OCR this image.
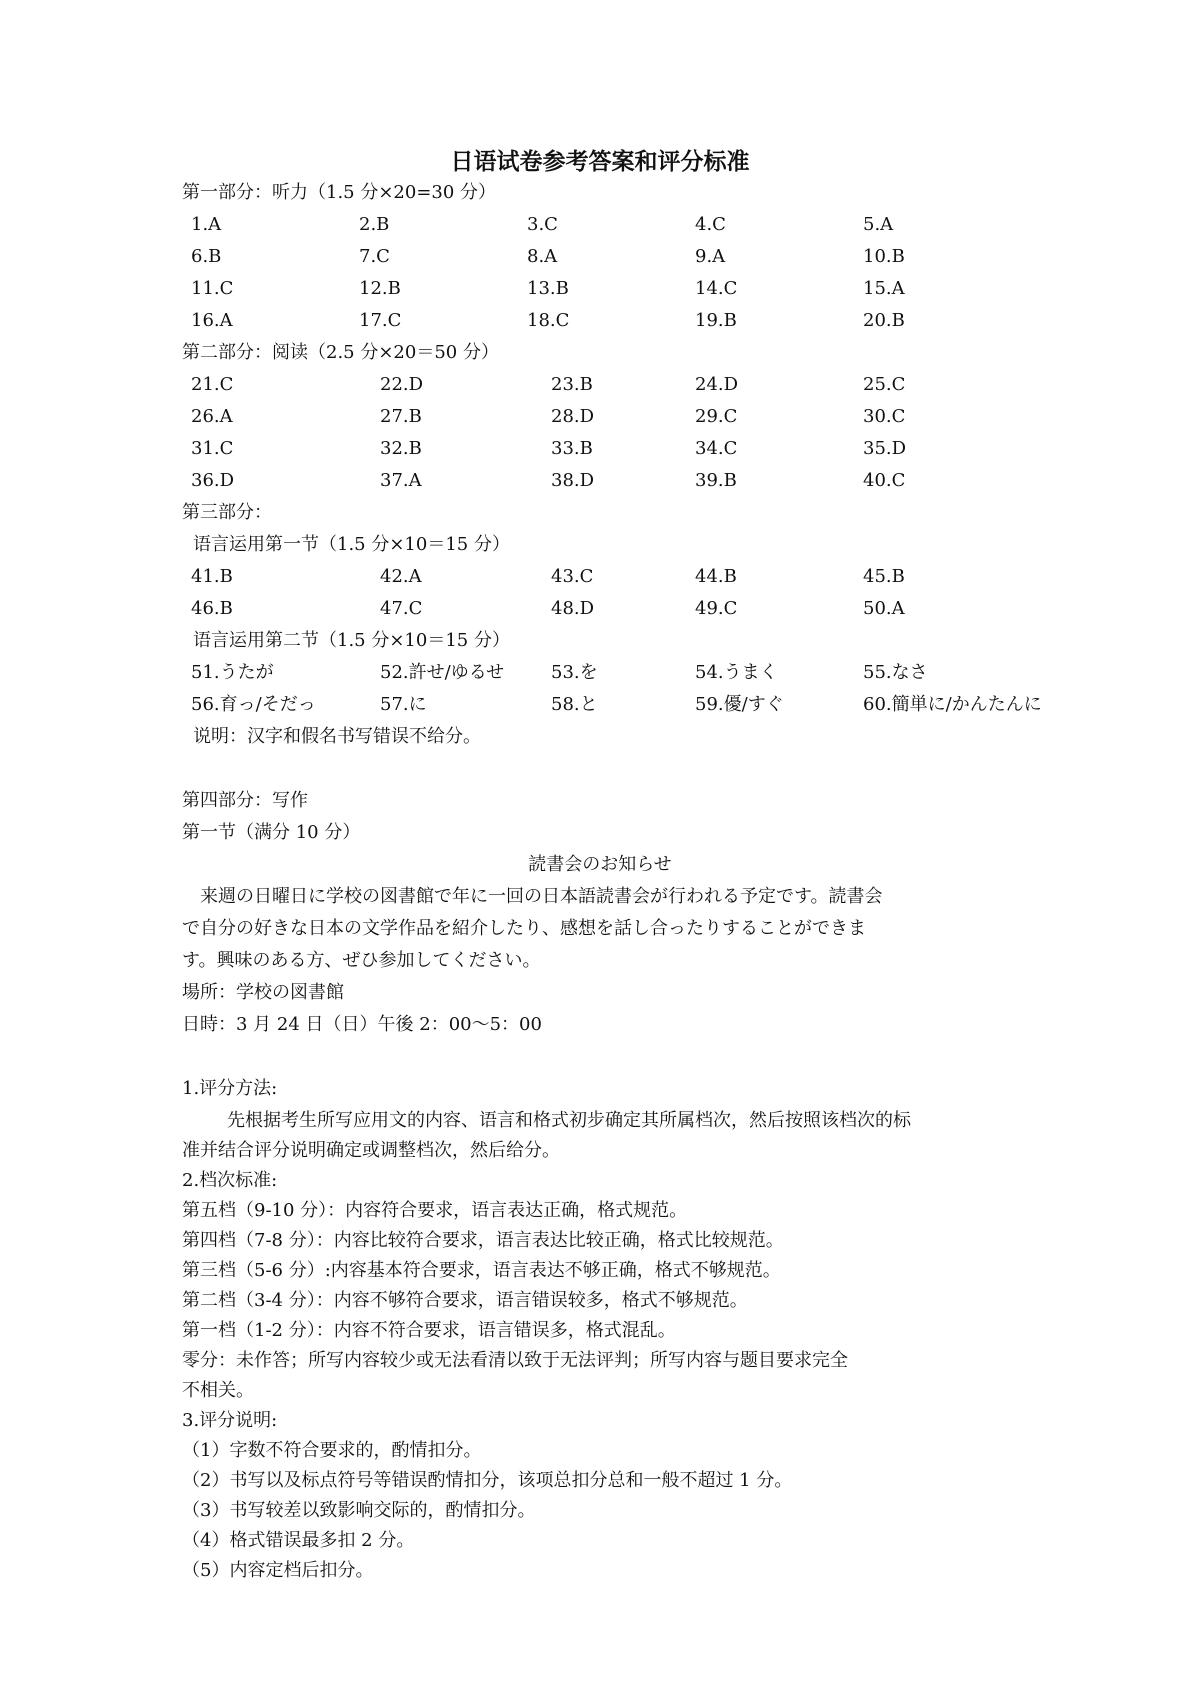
日语试卷参考答案和评分标准
第一部分：听力（1.5 分×20=30 分）
1.A	2.B	3.C	4.C	5.A
6.B	7.C	8.A	9.A	10.B
11.C	12.B	13.B	14.C	15.A
16.A	17.C	18.C	19.B	20.B
第二部分：阅读（2.5 分×20＝50 分）
21.C	22.D	23.B	24.D	25.C
26.A	27.B	28.D	29.C	30.C
31.C	32.B	33.B	34.C	35.D
36.D	37.A	38.D	39.B	40.C
第三部分：
语言运用第一节（1.5 分×10＝15 分）
41.B	42.A	43.C	44.B	45.B
46.B	47.C	48.D	49.C	50.A
语言运用第二节（1.5 分×10＝15 分）
51.うたが	52.許せ/ゆるせ	53.を	54.うまく	55.なさ
56.育っ/そだっ	57.に	58.と	59.優/すぐ	60.簡単に/かんたんに
说明：汉字和假名书写错误不给分。
第四部分：写作
第一节（满分 10 分）
読書会のお知らせ
　来週の日曜日に学校の図書館で年に一回の日本語読書会が行われる予定です。読書会
で自分の好きな日本の文学作品を紹介したり、感想を話し合ったりすることができま
す。興味のある方、ぜひ参加してください。
場所：学校の図書館
日時：3 月 24 日（日）午後 2：00～5：00
1.评分方法:
先根据考生所写应用文的内容、语言和格式初步确定其所属档次，然后按照该档次的标
准并结合评分说明确定或调整档次，然后给分。
2.档次标准:
第五档（9-10 分）：内容符合要求，语言表达正确，格式规范。
第四档（7-8 分）：内容比较符合要求，语言表达比较正确，格式比较规范。
第三档（5-6 分）:内容基本符合要求，语言表达不够正确，格式不够规范。
第二档（3-4 分）：内容不够符合要求，语言错误较多，格式不够规范。
第一档（1-2 分）：内容不符合要求，语言错误多，格式混乱。
零分：未作答；所写内容较少或无法看清以致于无法评判；所写内容与题目要求完全
不相关。
3.评分说明:
（1）字数不符合要求的，酌情扣分。
（2）书写以及标点符号等错误酌情扣分，该项总扣分总和一般不超过 1 分。
（3）书写较差以致影响交际的，酌情扣分。
（4）格式错误最多扣 2 分。
（5）内容定档后扣分。
